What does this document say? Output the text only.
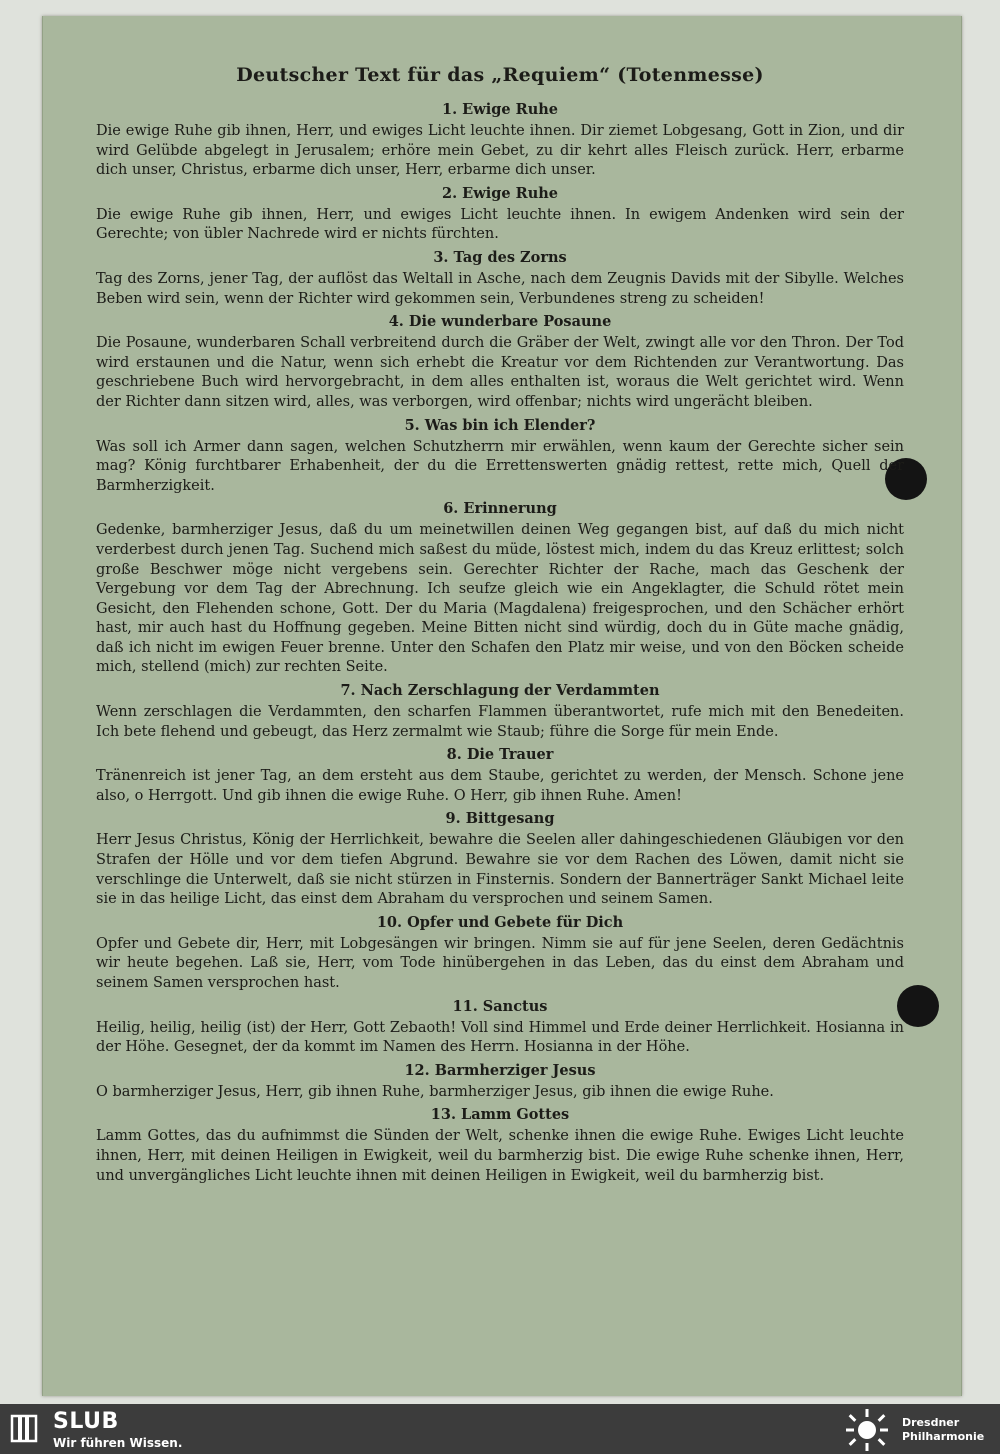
Deutscher Text für das „Requiem“ (Totenmesse)
1. Ewige Ruhe
Die ewige Ruhe gib ihnen, Herr, und ewiges Licht leuchte ihnen. Dir ziemet Lobgesang, Gott in Zion, und dir wird Gelübde abgelegt in Jerusalem; erhöre mein Gebet, zu dir kehrt alles Fleisch zurück. Herr, erbarme dich unser, Christus, erbarme dich unser, Herr, erbarme dich unser.
2. Ewige Ruhe
Die ewige Ruhe gib ihnen, Herr, und ewiges Licht leuchte ihnen. In ewigem Andenken wird sein der Gerechte; von übler Nachrede wird er nichts fürchten.
3. Tag des Zorns
Tag des Zorns, jener Tag, der auflöst das Weltall in Asche, nach dem Zeugnis Davids mit der Sibylle. Welches Beben wird sein, wenn der Richter wird gekommen sein, Verbundenes streng zu scheiden!
4. Die wunderbare Posaune
Die Posaune, wunderbaren Schall verbreitend durch die Gräber der Welt, zwingt alle vor den Thron. Der Tod wird erstaunen und die Natur, wenn sich erhebt die Kreatur vor dem Richtenden zur Verantwortung. Das geschriebene Buch wird hervorgebracht, in dem alles enthalten ist, woraus die Welt gerichtet wird. Wenn der Richter dann sitzen wird, alles, was verborgen, wird offenbar; nichts wird ungerächt bleiben.
5. Was bin ich Elender?
Was soll ich Armer dann sagen, welchen Schutzherrn mir erwählen, wenn kaum der Gerechte sicher sein mag? König furchtbarer Erhabenheit, der du die Errettenswerten gnädig rettest, rette mich, Quell der Barmherzigkeit.
6. Erinnerung
Gedenke, barmherziger Jesus, daß du um meinetwillen deinen Weg gegangen bist, auf daß du mich nicht verderbest durch jenen Tag. Suchend mich saßest du müde, löstest mich, indem du das Kreuz erlittest; solch große Beschwer möge nicht vergebens sein. Gerechter Richter der Rache, mach das Geschenk der Vergebung vor dem Tag der Abrechnung. Ich seufze gleich wie ein Angeklagter, die Schuld rötet mein Gesicht, den Flehenden schone, Gott. Der du Maria (Magdalena) freigesprochen, und den Schächer erhört hast, mir auch hast du Hoffnung gegeben. Meine Bitten nicht sind würdig, doch du in Güte mache gnädig, daß ich nicht im ewigen Feuer brenne. Unter den Schafen den Platz mir weise, und von den Böcken scheide mich, stellend (mich) zur rechten Seite.
7. Nach Zerschlagung der Verdammten
Wenn zerschlagen die Verdammten, den scharfen Flammen überantwortet, rufe mich mit den Benedeiten. Ich bete flehend und gebeugt, das Herz zermalmt wie Staub; führe die Sorge für mein Ende.
8. Die Trauer
Tränenreich ist jener Tag, an dem ersteht aus dem Staube, gerichtet zu werden, der Mensch. Schone jene also, o Herrgott. Und gib ihnen die ewige Ruhe. O Herr, gib ihnen Ruhe. Amen!
9. Bittgesang
Herr Jesus Christus, König der Herrlichkeit, bewahre die Seelen aller dahingeschiedenen Gläubigen vor den Strafen der Hölle und vor dem tiefen Abgrund. Bewahre sie vor dem Rachen des Löwen, damit nicht sie verschlinge die Unterwelt, daß sie nicht stürzen in Finsternis. Sondern der Bannerträger Sankt Michael leite sie in das heilige Licht, das einst dem Abraham du versprochen und seinem Samen.
10. Opfer und Gebete für Dich
Opfer und Gebete dir, Herr, mit Lobgesängen wir bringen. Nimm sie auf für jene Seelen, deren Gedächtnis wir heute begehen. Laß sie, Herr, vom Tode hinübergehen in das Leben, das du einst dem Abraham und seinem Samen versprochen hast.
11. Sanctus
Heilig, heilig, heilig (ist) der Herr, Gott Zebaoth! Voll sind Himmel und Erde deiner Herrlichkeit. Hosianna in der Höhe. Gesegnet, der da kommt im Namen des Herrn. Hosianna in der Höhe.
12. Barmherziger Jesus
O barmherziger Jesus, Herr, gib ihnen Ruhe, barmherziger Jesus, gib ihnen die ewige Ruhe.
13. Lamm Gottes
Lamm Gottes, das du aufnimmst die Sünden der Welt, schenke ihnen die ewige Ruhe. Ewiges Licht leuchte ihnen, Herr, mit deinen Heiligen in Ewigkeit, weil du barmherzig bist. Die ewige Ruhe schenke ihnen, Herr, und unvergängliches Licht leuchte ihnen mit deinen Heiligen in Ewigkeit, weil du barmherzig bist.
SLUB
Wir führen Wissen.
Dresdner
Philharmonie
